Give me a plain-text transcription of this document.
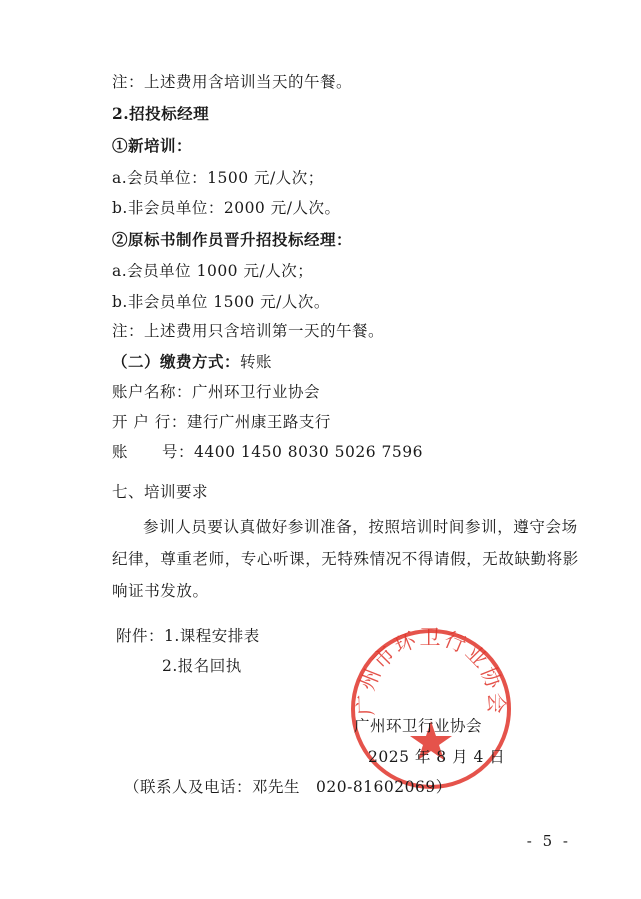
注：上述费用含培训当天的午餐。
2.招投标经理
①新培训：
a.会员单位：1500 元/人次；
b.非会员单位：2000 元/人次。
②原标书制作员晋升招投标经理：
a.会员单位 1000 元/人次；
b.非会员单位 1500 元/人次。
注：上述费用只含培训第一天的午餐。
（二）缴费方式：转账
账户名称：广州环卫行业协会
开 户 行：建行广州康王路支行
账 号：4400 1450 8030 5026 7596
七、培训要求
参训人员要认真做好参训准备，按照培训时间参训，遵守会场纪律，尊重老师，专心听课，无特殊情况不得请假，无故缺勤将影响证书发放。
附件：1.课程安排表
2.报名回执
广州市环卫行业协会
广州环卫行业协会
2025 年 8 月 4 日
（联系人及电话：邓先生　020-81602069）
- 5 -
